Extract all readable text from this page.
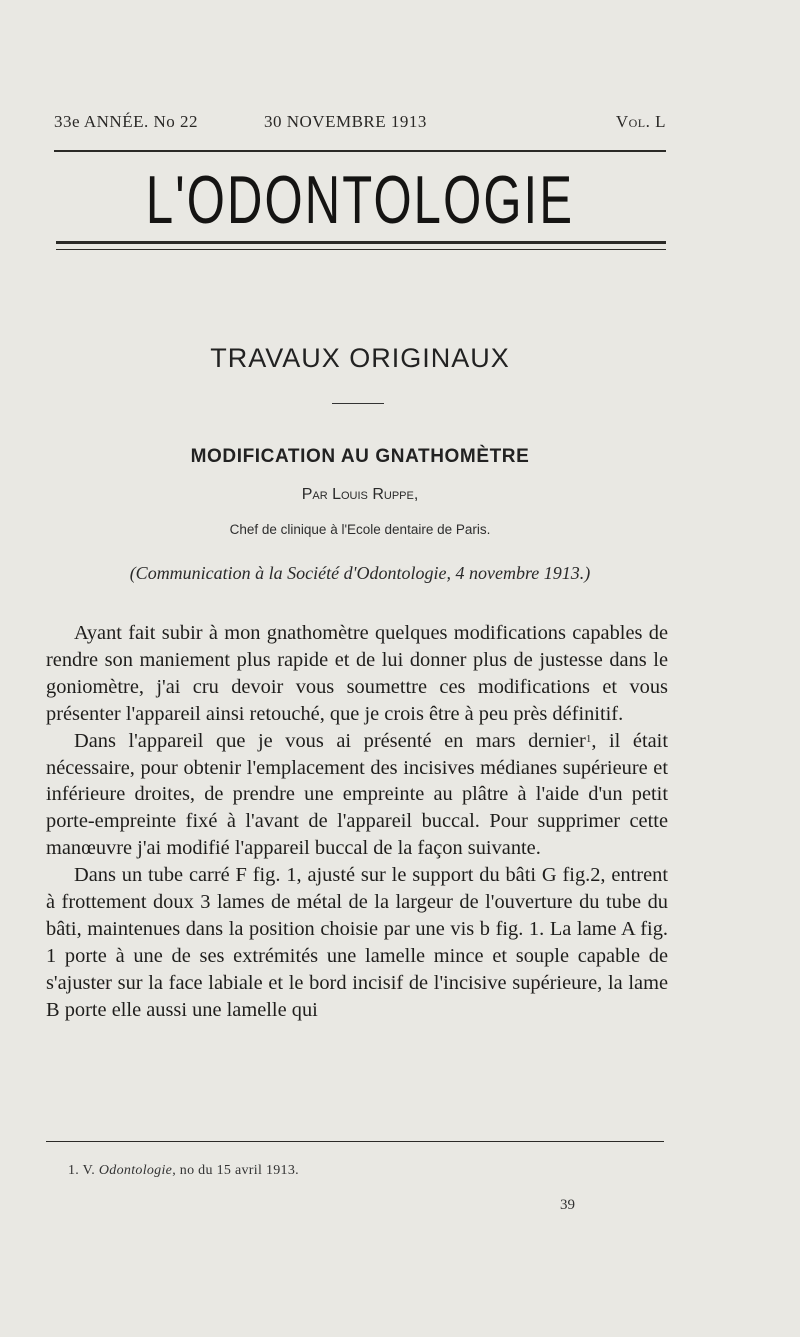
33e ANNÉE. No 22	30 NOVEMBRE 1913	Vol. L
L'ODONTOLOGIE
TRAVAUX ORIGINAUX
MODIFICATION AU GNATHOMÈTRE
Par Louis Ruppe,
Chef de clinique à l'Ecole dentaire de Paris.
(Communication à la Société d'Odontologie, 4 novembre 1913.)

Ayant fait subir à mon gnathomètre quelques modifications capables de rendre son maniement plus rapide et de lui donner plus de justesse dans le goniomètre, j'ai cru devoir vous soumettre ces modifications et vous présenter l'appareil ainsi retouché, que je crois être à peu près définitif.

Dans l'appareil que je vous ai présenté en mars dernier$^1$, il était nécessaire, pour obtenir l'emplacement des incisives médianes supérieure et inférieure droites, de prendre une empreinte au plâtre à l'aide d'un petit porte-empreinte fixé à l'avant de l'appareil buccal. Pour supprimer cette manœuvre j'ai modifié l'appareil buccal de la façon suivante.

Dans un tube carré F fig. 1, ajusté sur le support du bâti G fig.2, entrent à frottement doux 3 lames de métal de la largeur de l'ouverture du tube du bâti, maintenues dans la position choisie par une vis b fig. 1. La lame A fig. 1 porte à une de ses extrémités une lamelle mince et souple capable de s'ajuster sur la face labiale et le bord incisif de l'incisive supérieure, la lame B porte elle aussi une lamelle qui

1. V. Odontologie, no du 15 avril 1913.
39
